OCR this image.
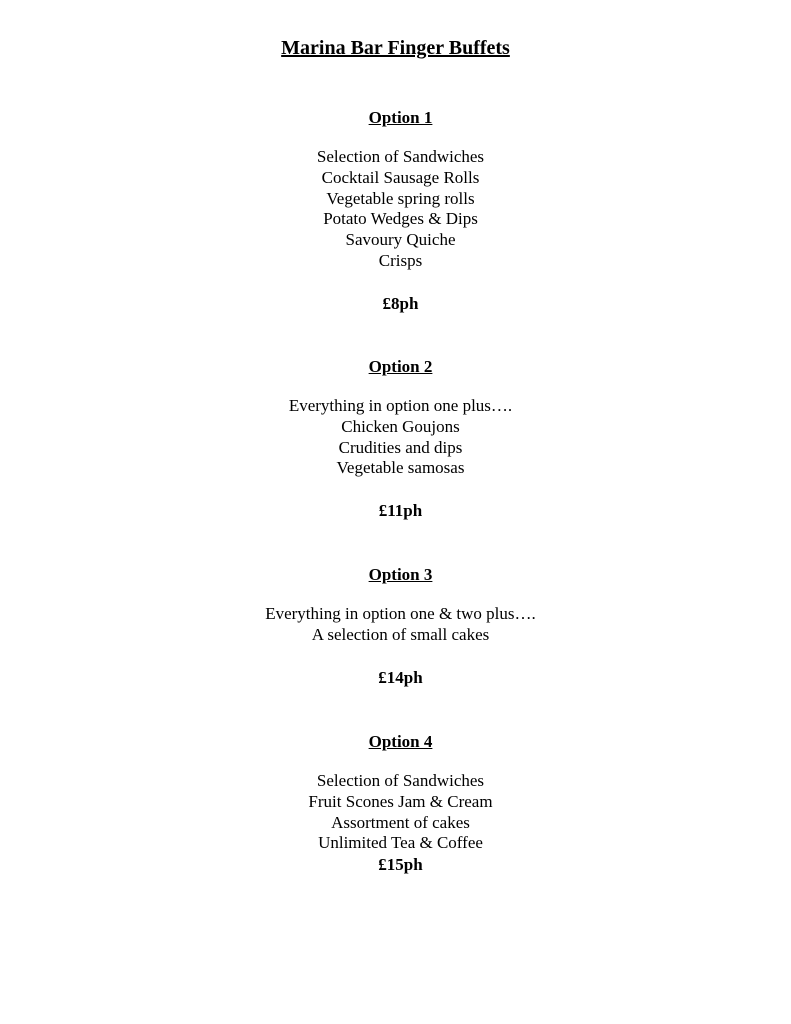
Marina Bar Finger Buffets
Option 1
Selection of Sandwiches
Cocktail Sausage Rolls
Vegetable spring rolls
Potato Wedges & Dips
Savoury Quiche
Crisps
£8ph
Option 2
Everything in option one plus….
Chicken Goujons
Crudities and dips
Vegetable samosas
£11ph
Option 3
Everything in option one & two plus….
A selection of small cakes
£14ph
Option 4
Selection of Sandwiches
Fruit Scones Jam & Cream
Assortment of cakes
Unlimited Tea & Coffee
£15ph
